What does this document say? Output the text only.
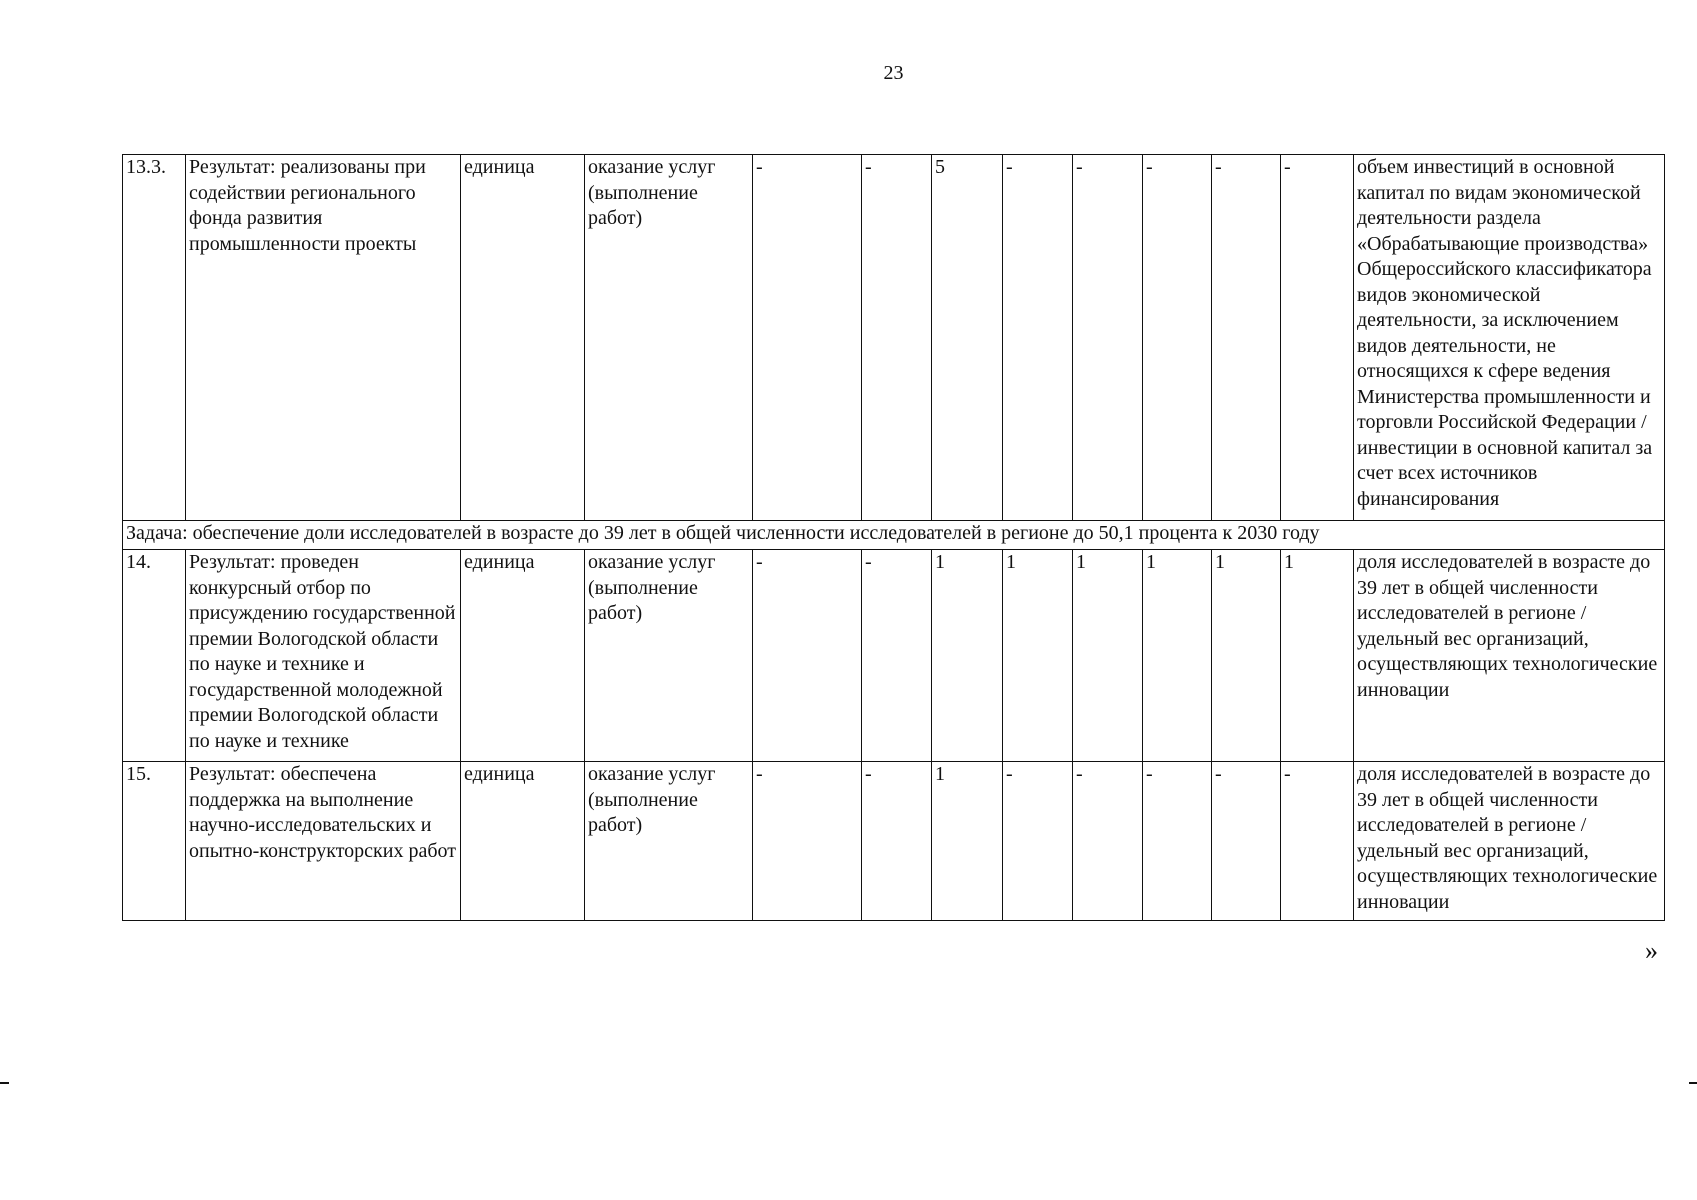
23
13.3.	Результат: реализованы при содействии регионального фонда развития промышленности проекты	единица	оказание услуг (выполнение работ)	-	-	5	-	-	-	-	-	объем инвестиций в основной капитал по видам экономической деятельности раздела «Обрабатывающие производства» Общероссийского классификатора видов экономической деятельности, за исключением видов деятельности, не относящихся к сфере ведения Министерства промышленности и торговли Российской Федерации / инвестиции в основной капитал за счет всех источников финансирования
Задача: обеспечение доли исследователей в возрасте до 39 лет в общей численности исследователей в регионе до 50,1 процента к 2030 году												
14.	Результат: проведен конкурсный отбор по присуждению государственной премии Вологодской области по науке и технике и государственной молодежной премии Вологодской области по науке и технике	единица	оказание услуг (выполнение работ)	-	-	1	1	1	1	1	1	доля исследователей в возрасте до 39 лет в общей численности исследователей в регионе / удельный вес организаций, осуществляющих технологические инновации
15.	Результат: обеспечена поддержка на выполнение научно-исследовательских и опытно-конструкторских работ	единица	оказание услуг (выполнение работ)	-	-	1	-	-	-	-	-	доля исследователей в возрасте до 39 лет в общей численности исследователей в регионе / удельный вес организаций, осуществляющих технологические инновации
»
